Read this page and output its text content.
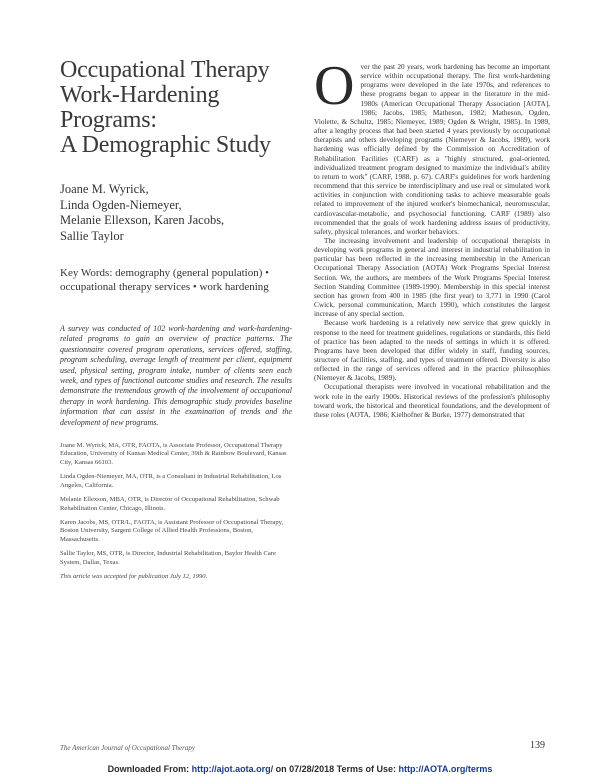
Occupational Therapy
Work-Hardening
Programs:
A Demographic Study
Joane M. Wyrick,
Linda Ogden-Niemeyer,
Melanie Ellexson, Karen Jacobs,
Sallie Taylor
Key Words: demography (general population) • occupational therapy services • work hardening
A survey was conducted of 102 work-hardening and work-hardening-related programs to gain an overview of practice patterns. The questionnaire covered program operations, services offered, staffing, program scheduling, average length of treatment per client, equipment used, physical setting, program intake, number of clients seen each week, and types of functional outcome studies and research. The results demonstrate the tremendous growth of the involvement of occupational therapy in work hardening. This demographic study provides baseline information that can assist in the examination of trends and the development of new programs.
Joane M. Wyrick, MA, OTR, FAOTA, is Associate Professor, Occupational Therapy Education, University of Kansas Medical Center, 39th & Rainbow Boulevard, Kansas City, Kansas 66103.
Linda Ogden-Niemeyer, MA, OTR, is a Consultant in Industrial Rehabilitation, Los Angeles, California.
Melanie Ellexson, MBA, OTR, is Director of Occupational Rehabilitation, Schwab Rehabilitation Center, Chicago, Illinois.
Karen Jacobs, MS, OTR/L, FAOTA, is Assistant Professor of Occupational Therapy, Boston University, Sargent College of Allied Health Professions, Boston, Massachusetts.
Sallie Taylor, MS, OTR, is Director, Industrial Rehabilitation, Baylor Health Care System, Dallas, Texas.
This article was accepted for publication July 12, 1990.
O ver the past 20 years, work hardening has become an important service within occupational therapy. The first work-hardening programs were developed in the late 1970s, and references to these programs began to appear in the literature in the mid-1980s (American Occupational Therapy Association [AOTA], 1986; Jacobs, 1985; Matheson, 1982; Matheson, Ogden, Violette, & Schultz, 1985; Niemeyer, 1989; Ogden & Wright, 1985). In 1989, after a lengthy process that had been started 4 years previously by occupational therapists and others developing programs (Niemeyer & Jacobs, 1989), work hardening was officially defined by the Commission on Accreditation of Rehabilitation Facilities (CARF) as a "highly structured, goal-oriented, individualized treatment program designed to maximize the individual's ability to return to work" (CARF, 1988, p. 67). CARF's guidelines for work hardening recommend that this service be interdisciplinary and use real or simulated work activities in conjunction with conditioning tasks to achieve measurable goals related to improvement of the injured worker's biomechanical, neuromuscular, cardiovascular-metabolic, and psychosocial functioning. CARF (1989) also recommended that the goals of work hardening address issues of productivity, safety, physical tolerances, and worker behaviors.

The increasing involvement and leadership of occupational therapists in developing work programs in general and interest in industrial rehabilitation in particular has been reflected in the increasing membership in the American Occupational Therapy Association (AOTA) Work Programs Special Interest Section. We, the authors, are members of the Work Programs Special Interest Section Standing Committee (1989-1990). Membership in this special interest section has grown from 400 in 1985 (the first year) to 3,771 in 1990 (Carol Cwick, personal communication, March 1990), which constitutes the largest increase of any special section.

Because work hardening is a relatively new service that grew quickly in response to the need for treatment guidelines, regulations or standards, this field of practice has been adapted to the needs of settings in which it is offered. Programs have been developed that differ widely in staff, funding sources, structure of facilities, staffing, and types of treatment offered. Diversity is also reflected in the range of services offered and in the practice philosophies (Niemeyer & Jacobs, 1989).

Occupational therapists were involved in vocational rehabilitation and the work role in the early 1900s. Historical reviews of the profession's philosophy toward work, the historical and theoretical foundations, and the development of these roles (AOTA, 1986; Kielhofner & Burke, 1977) demonstrated that

The American Journal of Occupational Therapy	139
Downloaded From: http://ajot.aota.org/ on 07/28/2018 Terms of Use: http://AOTA.org/terms
